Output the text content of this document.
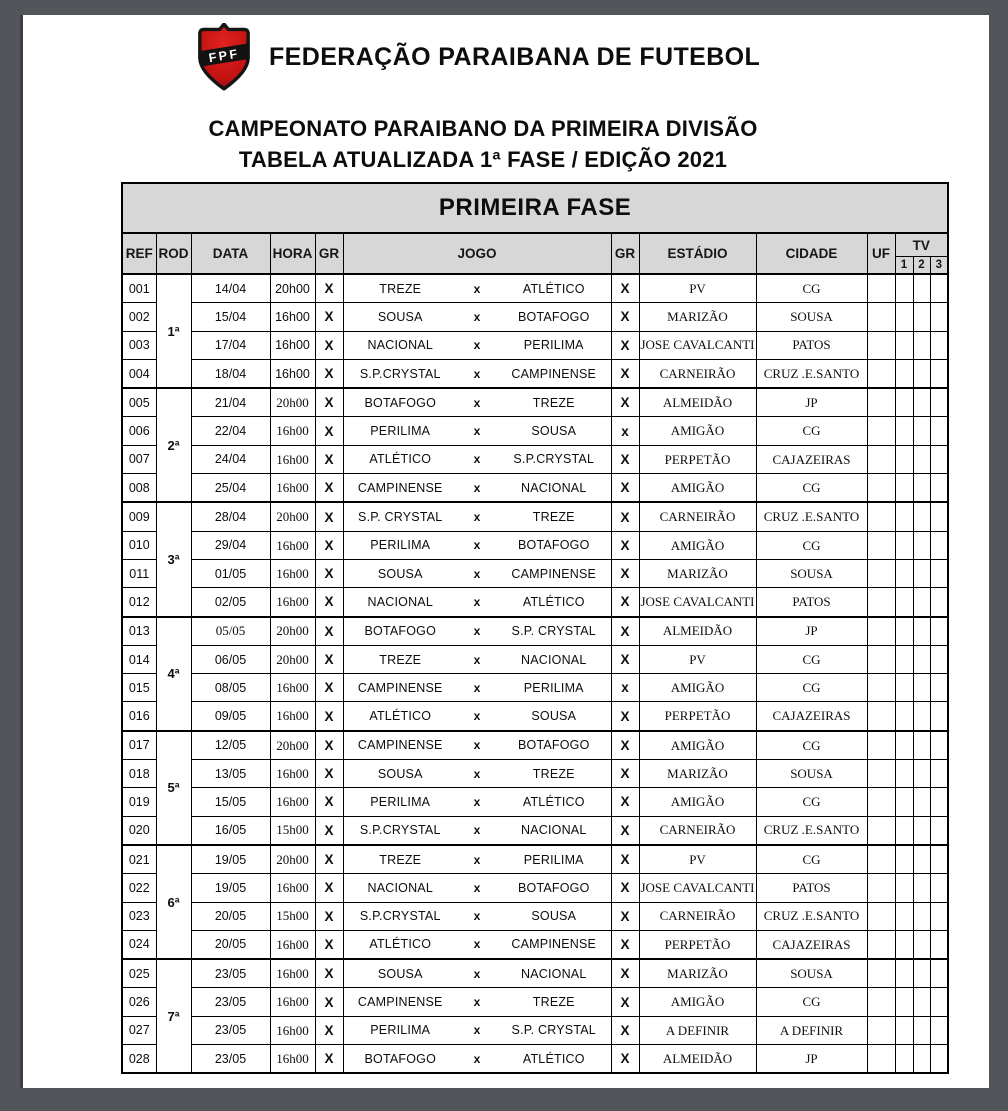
FPF FEDERAÇÃO PARAIBANA DE FUTEBOL
CAMPEONATO PARAIBANO DA PRIMEIRA DIVISÃO
TABELA ATUALIZADA 1ª FASE / EDIÇÃO 2021
PRIMEIRA FASE												
REF	ROD	DATA	HORA	GR	JOGO	GR	ESTÁDIO	CIDADE	UF	TV		
										1	2	3
001	1ª	14/04	20h00	X	TREZE x ATLÉTICO	X	PV	CG				
002		15/04	16h00	X	SOUSA x BOTAFOGO	X	MARIZÃO	SOUSA				
003		17/04	16h00	X	NACIONAL x PERILIMA	X	JOSE CAVALCANTI	PATOS				
004		18/04	16h00	X	S.P.CRYSTAL x CAMPINENSE	X	CARNEIRÃO	CRUZ .E.SANTO				
005	2ª	21/04	20h00	X	BOTAFOGO x TREZE	X	ALMEIDÃO	JP				
006		22/04	16h00	X	PERILIMA x SOUSA	x	AMIGÃO	CG				
007		24/04	16h00	X	ATLÉTICO x S.P.CRYSTAL	X	PERPETÃO	CAJAZEIRAS				
008		25/04	16h00	X	CAMPINENSE x NACIONAL	X	AMIGÃO	CG				
009	3ª	28/04	20h00	X	S.P. CRYSTAL x TREZE	X	CARNEIRÃO	CRUZ .E.SANTO				
010		29/04	16h00	X	PERILIMA x BOTAFOGO	X	AMIGÃO	CG				
011		01/05	16h00	X	SOUSA x CAMPINENSE	X	MARIZÃO	SOUSA				
012		02/05	16h00	X	NACIONAL x ATLÉTICO	X	JOSE CAVALCANTI	PATOS				
013	4ª	05/05	20h00	X	BOTAFOGO x S.P. CRYSTAL	X	ALMEIDÃO	JP				
014		06/05	20h00	X	TREZE x NACIONAL	X	PV	CG				
015		08/05	16h00	X	CAMPINENSE x PERILIMA	x	AMIGÃO	CG				
016		09/05	16h00	X	ATLÉTICO x SOUSA	X	PERPETÃO	CAJAZEIRAS				
017	5ª	12/05	20h00	X	CAMPINENSE x BOTAFOGO	X	AMIGÃO	CG				
018		13/05	16h00	X	SOUSA x TREZE	X	MARIZÃO	SOUSA				
019		15/05	16h00	X	PERILIMA x ATLÉTICO	X	AMIGÃO	CG				
020		16/05	15h00	X	S.P.CRYSTAL x NACIONAL	X	CARNEIRÃO	CRUZ .E.SANTO				
021	6ª	19/05	20h00	X	TREZE x PERILIMA	X	PV	CG				
022		19/05	16h00	X	NACIONAL x BOTAFOGO	X	JOSE CAVALCANTI	PATOS				
023		20/05	15h00	X	S.P.CRYSTAL x SOUSA	X	CARNEIRÃO	CRUZ .E.SANTO				
024		20/05	16h00	X	ATLÉTICO x CAMPINENSE	X	PERPETÃO	CAJAZEIRAS				
025	7ª	23/05	16h00	X	SOUSA x NACIONAL	X	MARIZÃO	SOUSA				
026		23/05	16h00	X	CAMPINENSE x TREZE	X	AMIGÃO	CG				
027		23/05	16h00	X	PERILIMA x S.P. CRYSTAL	X	A DEFINIR	A DEFINIR				
028		23/05	16h00	X	BOTAFOGO x ATLÉTICO	X	ALMEIDÃO	JP				
